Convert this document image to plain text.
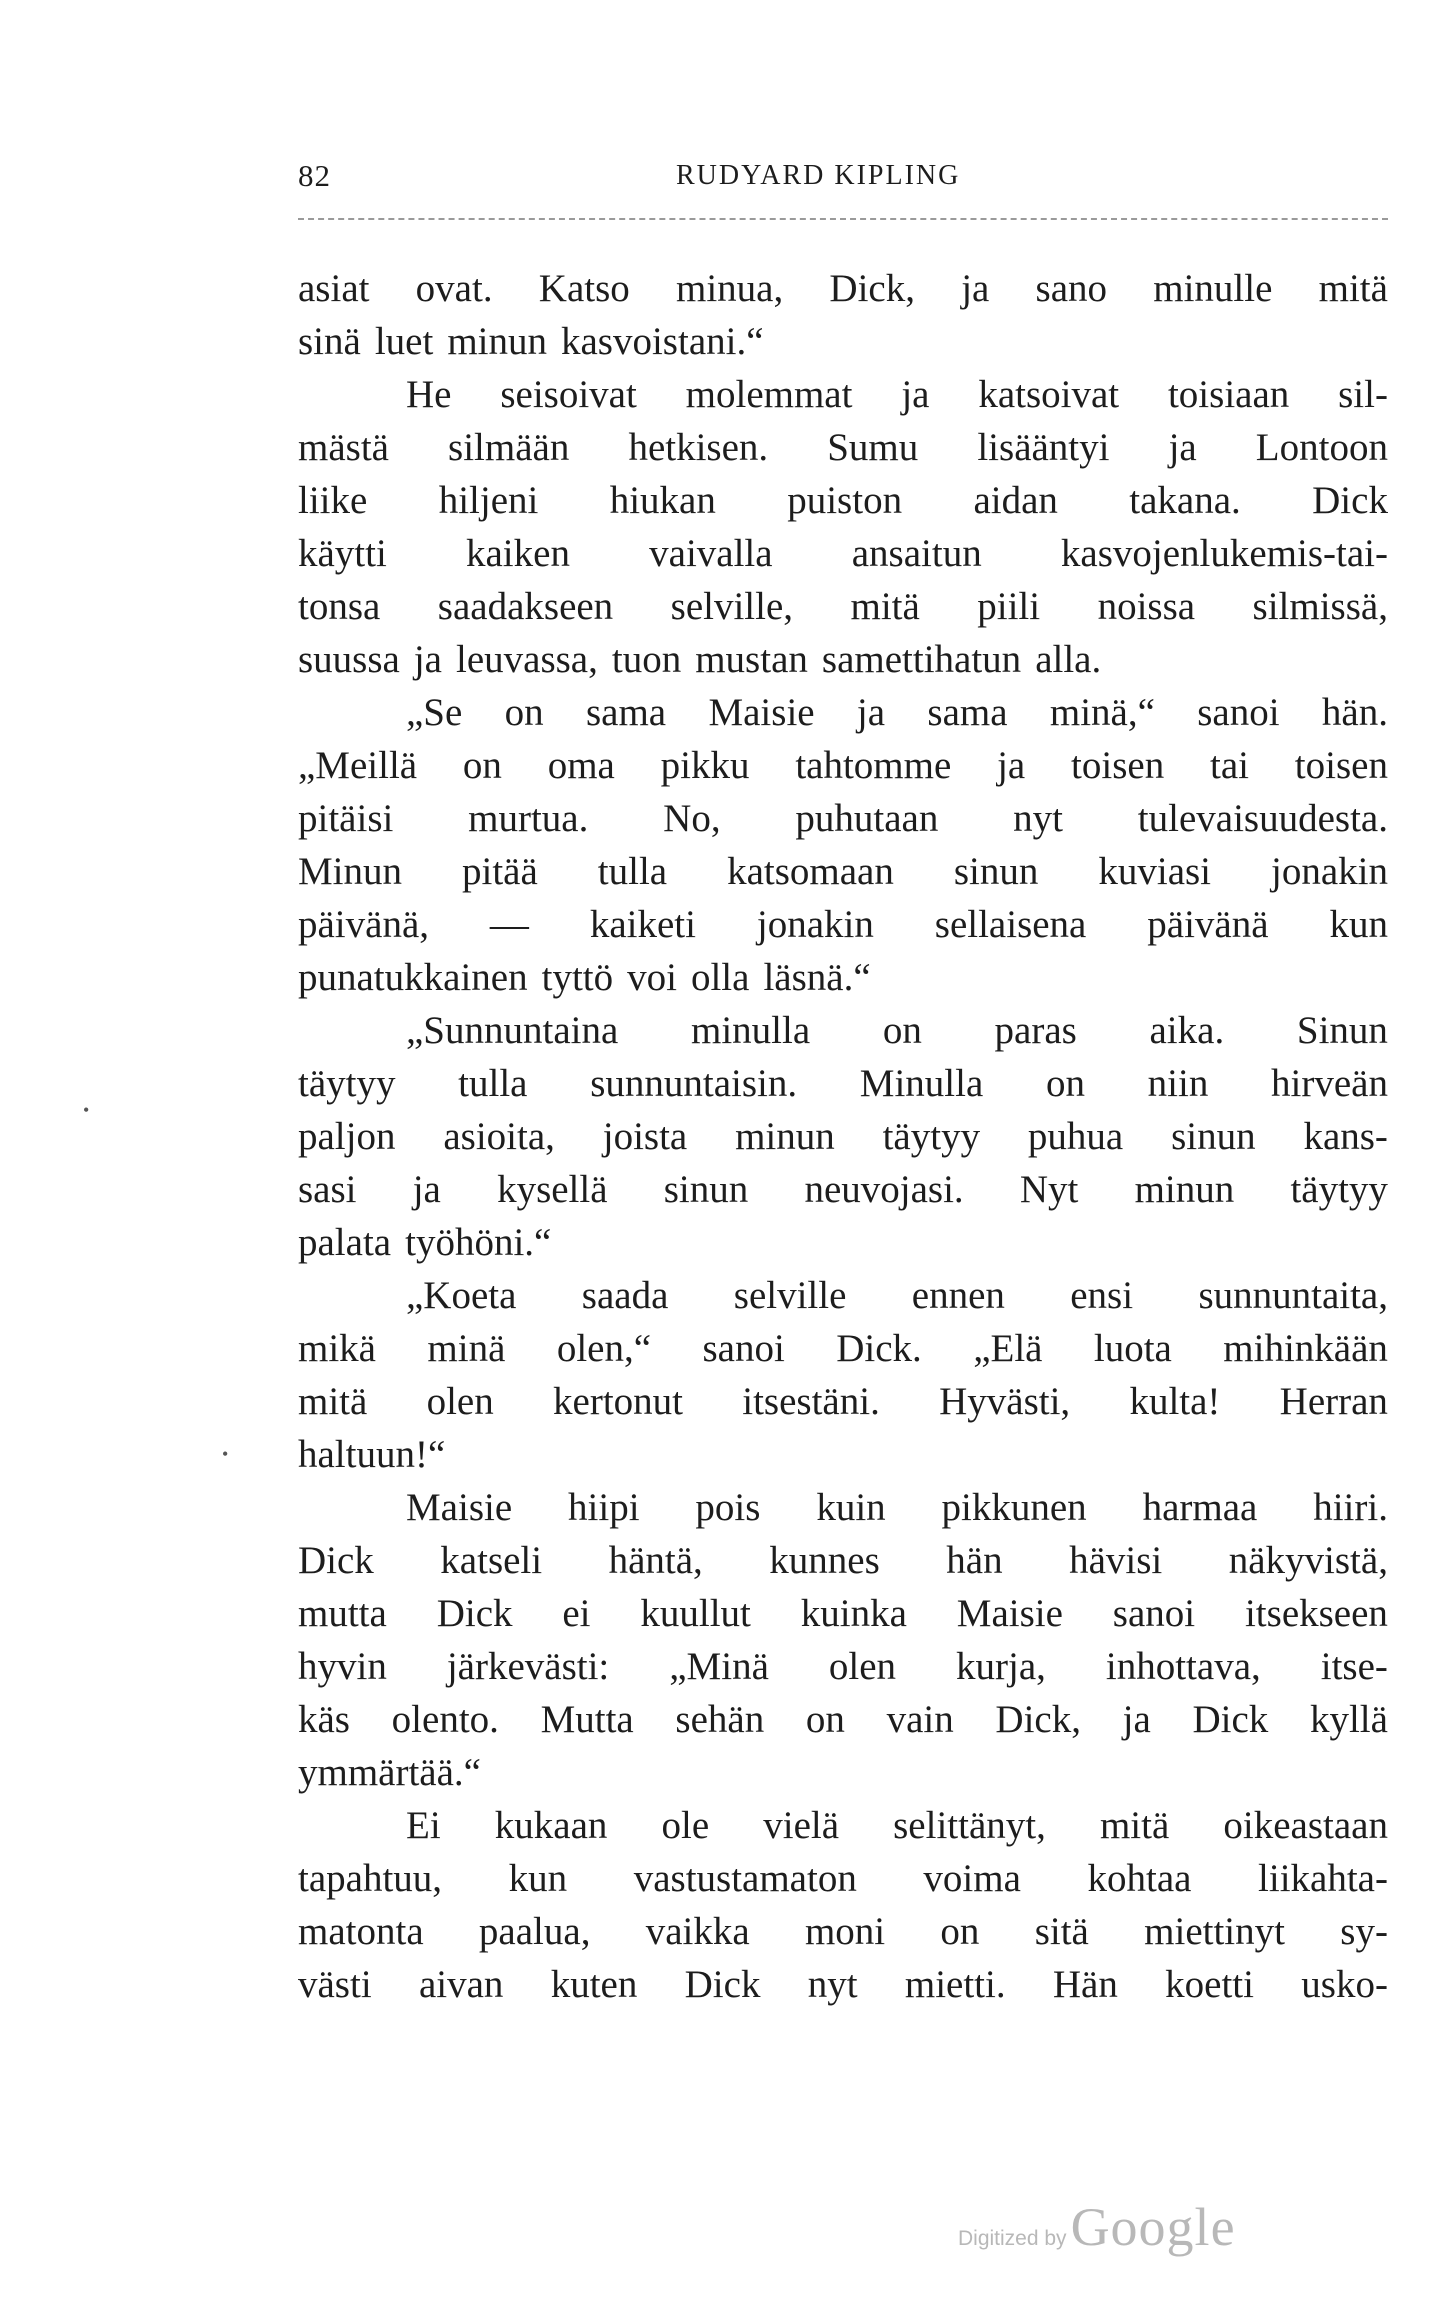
82	RUDYARD KIPLING
asiat ovat. Katso minua, Dick, ja sano minulle mitä
sinä luet minun kasvoistani.“
He seisoivat molemmat ja katsoivat toisiaan sil-
mästä silmään hetkisen. Sumu lisääntyi ja Lontoon
liike hiljeni hiukan puiston aidan takana. Dick
käytti kaiken vaivalla ansaitun kasvojenlukemis-tai-
tonsa saadakseen selville, mitä piili noissa silmissä,
suussa ja leuvassa, tuon mustan samettihatun alla.
„Se on sama Maisie ja sama minä,“ sanoi hän.
„Meillä on oma pikku tahtomme ja toisen tai toisen
pitäisi murtua. No, puhutaan nyt tulevaisuudesta.
Minun pitää tulla katsomaan sinun kuviasi jonakin
päivänä, — kaiketi jonakin sellaisena päivänä kun
punatukkainen tyttö voi olla läsnä.“
„Sunnuntaina minulla on paras aika. Sinun
täytyy tulla sunnuntaisin. Minulla on niin hirveän
paljon asioita, joista minun täytyy puhua sinun kans-
sasi ja kysellä sinun neuvojasi. Nyt minun täytyy
palata työhöni.“
„Koeta saada selville ennen ensi sunnuntaita,
mikä minä olen,“ sanoi Dick. „Elä luota mihinkään
mitä olen kertonut itsestäni. Hyvästi, kulta! Herran
haltuun!“
Maisie hiipi pois kuin pikkunen harmaa hiiri.
Dick katseli häntä, kunnes hän hävisi näkyvistä,
mutta Dick ei kuullut kuinka Maisie sanoi itsekseen
hyvin järkevästi: „Minä olen kurja, inhottava, itse-
käs olento. Mutta sehän on vain Dick, ja Dick kyllä
ymmärtää.“
Ei kukaan ole vielä selittänyt, mitä oikeastaan
tapahtuu, kun vastustamaton voima kohtaa liikahta-
matonta paalua, vaikka moni on sitä miettinyt sy-
västi aivan kuten Dick nyt mietti. Hän koetti usko-
•
•
Digitized by Google
